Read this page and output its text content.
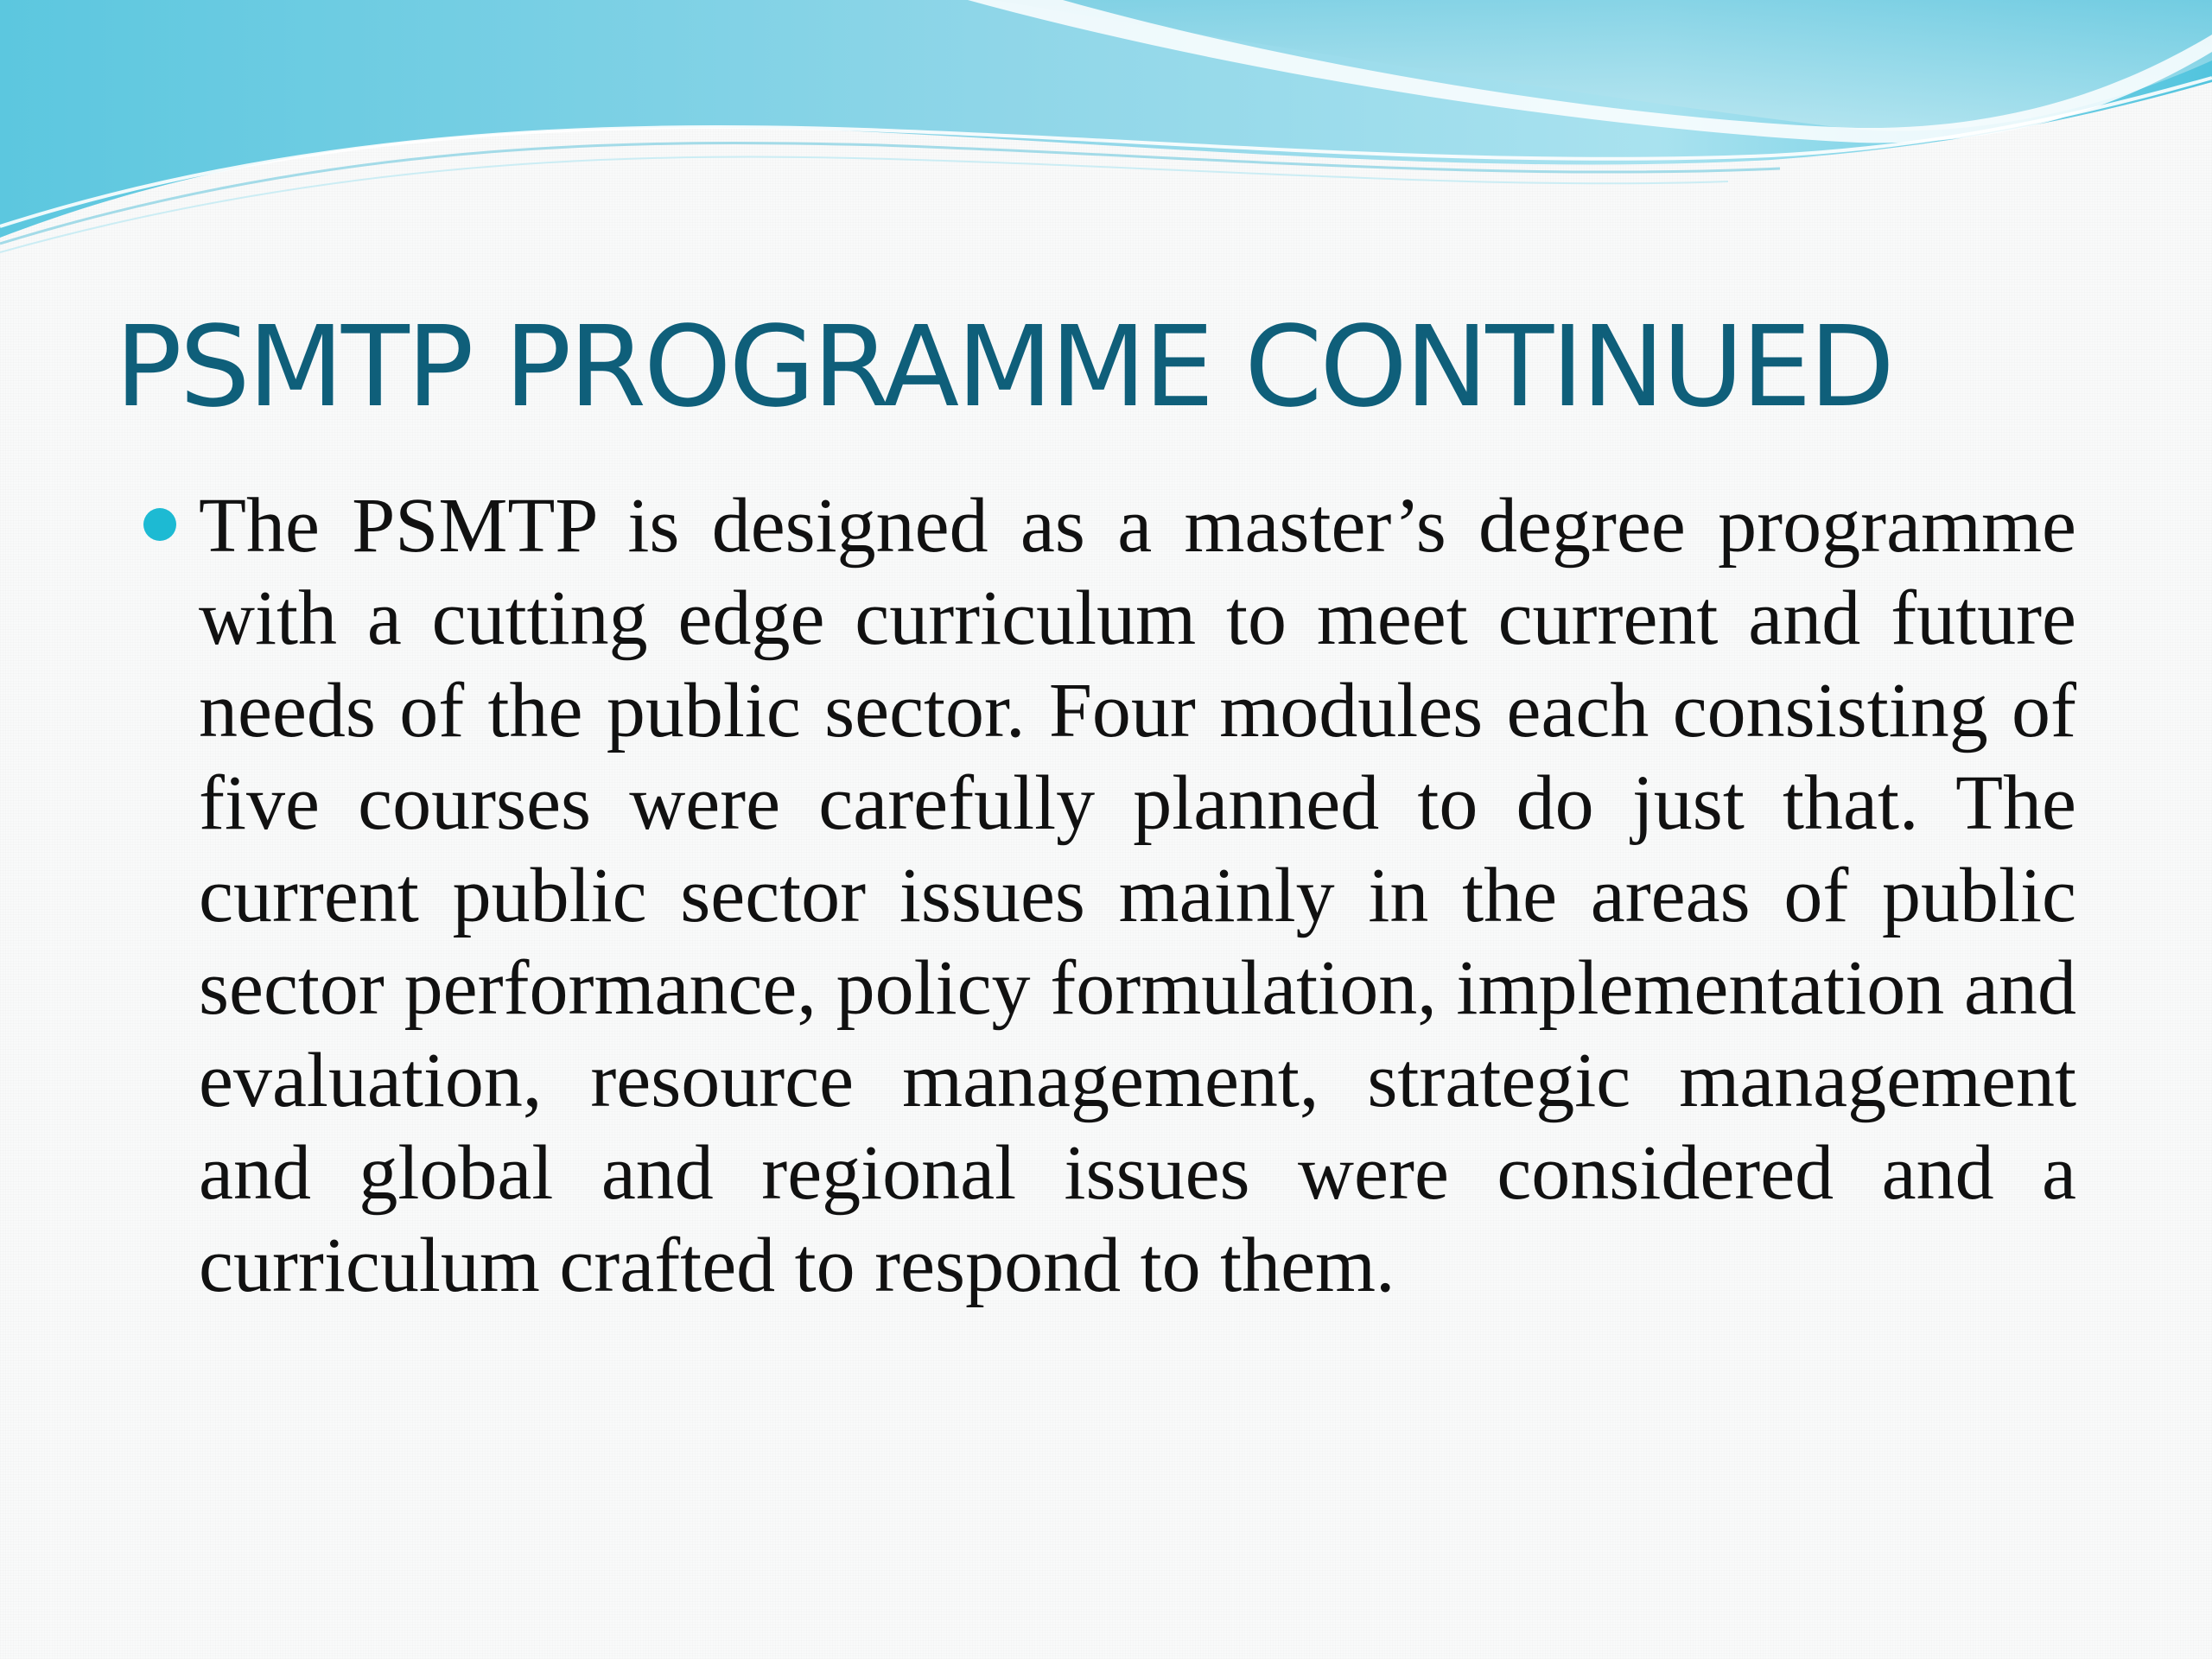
PSMTP PROGRAMME CONTINUED

The PSMTP is designed as a master’s degree programme with a cutting edge curriculum to meet current and future needs of the public sector. Four modules each consisting of five courses were carefully planned to do just that. The current public sector issues mainly in the areas of public sector performance, policy formulation, implementation and evaluation, resource management, strategic management and global and regional issues were considered and a curriculum crafted to respond to them.
